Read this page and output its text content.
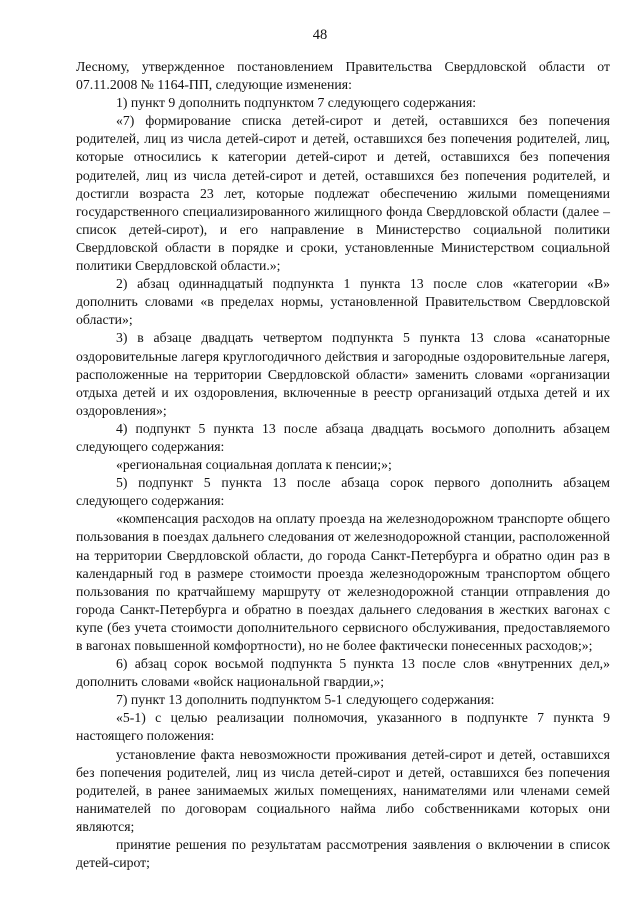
48

Лесному, утвержденное постановлением Правительства Свердловской области от 07.11.2008 № 1164-ПП, следующие изменения:

1) пункт 9 дополнить подпунктом 7 следующего содержания:

«7) формирование списка детей-сирот и детей, оставшихся без попечения родителей, лиц из числа детей-сирот и детей, оставшихся без попечения родителей, лиц, которые относились к категории детей-сирот и детей, оставшихся без попечения родителей, лиц из числа детей-сирот и детей, оставшихся без попечения родителей, и достигли возраста 23 лет, которые подлежат обеспечению жилыми помещениями государственного специализированного жилищного фонда Свердловской области (далее – список детей-сирот), и его направление в Министерство социальной политики Свердловской области в порядке и сроки, установленные Министерством социальной политики Свердловской области.»;

2) абзац одиннадцатый подпункта 1 пункта 13 после слов «категории «В» дополнить словами «в пределах нормы, установленной Правительством Свердловской области»;

3) в абзаце двадцать четвертом подпункта 5 пункта 13 слова «санаторные оздоровительные лагеря круглогодичного действия и загородные оздоровительные лагеря, расположенные на территории Свердловской области» заменить словами «организации отдыха детей и их оздоровления, включенные в реестр организаций отдыха детей и их оздоровления»;

4) подпункт 5 пункта 13 после абзаца двадцать восьмого дополнить абзацем следующего содержания:

«региональная социальная доплата к пенсии;»;

5) подпункт 5 пункта 13 после абзаца сорок первого дополнить абзацем следующего содержания:

«компенсация расходов на оплату проезда на железнодорожном транспорте общего пользования в поездах дальнего следования от железнодорожной станции, расположенной на территории Свердловской области, до города Санкт-Петербурга и обратно один раз в календарный год в размере стоимости проезда железнодорожным транспортом общего пользования по кратчайшему маршруту от железнодорожной станции отправления до города Санкт-Петербурга и обратно в поездах дальнего следования в жестких вагонах с купе (без учета стоимости дополнительного сервисного обслуживания, предоставляемого в вагонах повышенной комфортности), но не более фактически понесенных расходов;»;

6) абзац сорок восьмой подпункта 5 пункта 13 после слов «внутренних дел,» дополнить словами «войск национальной гвардии,»;

7) пункт 13 дополнить подпунктом 5-1 следующего содержания:

«5-1) с целью реализации полномочия, указанного в подпункте 7 пункта 9 настоящего положения:

установление факта невозможности проживания детей-сирот и детей, оставшихся без попечения родителей, лиц из числа детей-сирот и детей, оставшихся без попечения родителей, в ранее занимаемых жилых помещениях, нанимателями или членами семей нанимателей по договорам социального найма либо собственниками которых они являются;

принятие решения по результатам рассмотрения заявления о включении в список детей-сирот;
